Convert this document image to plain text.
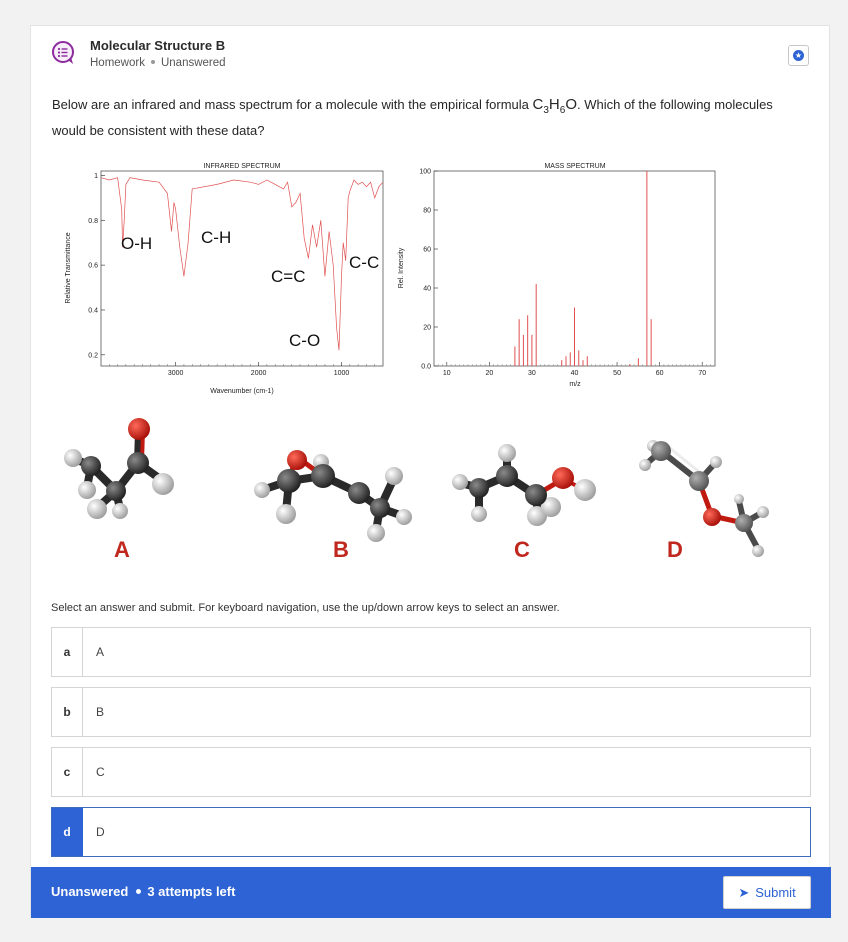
Molecular Structure B
Homework Unanswered
★
Below are an infrared and mass spectrum for a molecule with the empirical formula $C_3H_6O$. Which of the following molecules would be consistent with these data?
INFRARED SPECTRUM
Wavenumber (cm-1)
Relative Transmittance
3000	2000	1000
1
0.8
0.6
0.4
0.2
O-H	C-H
C=C
C-C
C-O
MASS SPECTRUM
m/z
Rel. Intensity
10	20	30	40	50	60	70
100
80
60
40
20
0.0
A	B	C	D
Select an answer and submit. For keyboard navigation, use the up/down arrow keys to select an answer.
a	A
b	B
c	C
d	D
Unanswered 3 attempts left	➤ Submit
